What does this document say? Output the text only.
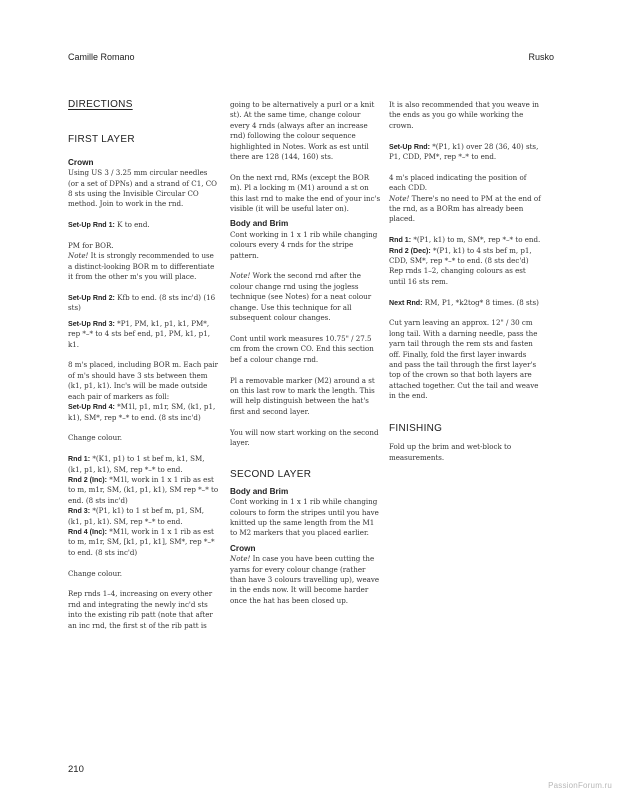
Camille Romano	Rusko

DIRECTIONS

FIRST LAYER

Crown

Using US 3 / 3.25 mm circular needles (or a set of DPNs) and a strand of C1, CO 8 sts using the Invisible Circular CO method. Join to work in the rnd.

Set-Up Rnd 1: K to end.

PM for BOR.

Note! It is strongly recommended to use a distinct-looking BOR m to differentiate it from the other m's you will place.

Set-Up Rnd 2: Kfb to end. (8 sts inc'd) (16 sts)

Set-Up Rnd 3: *P1, PM, k1, p1, k1, PM*, rep *–* to 4 sts bef end, p1, PM, k1, p1, k1.

8 m's placed, including BOR m. Each pair of m's should have 3 sts between them (k1, p1, k1). Inc's will be made outside each pair of markers as foll:

Set-Up Rnd 4: *M1l, p1, m1r, SM, (k1, p1, k1), SM*, rep *–* to end. (8 sts inc'd)

Change colour.

Rnd 1: *(K1, p1) to 1 st bef m, k1, SM, (k1, p1, k1), SM, rep *–* to end.

Rnd 2 (Inc): *M1l, work in 1 x 1 rib as est to m, m1r, SM, (k1, p1, k1), SM rep *–* to end. (8 sts inc'd)

Rnd 3: *(P1, k1) to 1 st bef m, p1, SM, (k1, p1, k1). SM, rep *–* to end.

Rnd 4 (Inc): *M1l, work in 1 x 1 rib as est to m, m1r, SM, [k1, p1, k1], SM*, rep *–* to end. (8 sts inc'd)

Change colour.

Rep rnds 1–4, increasing on every other rnd and integrating the newly inc'd sts into the existing rib patt (note that after an inc rnd, the first st of the rib patt is

going to be alternatively a purl or a knit st). At the same time, change colour every 4 rnds (always after an increase rnd) following the colour sequence highlighted in Notes. Work as est until there are 128 (144, 160) sts.

On the next rnd, RMs (except the BOR m). Pl a locking m (M1) around a st on this last rnd to make the end of your inc's visible (it will be useful later on).

Body and Brim

Cont working in 1 x 1 rib while changing colours every 4 rnds for the stripe pattern.

Note! Work the second rnd after the colour change rnd using the jogless technique (see Notes) for a neat colour change. Use this technique for all subsequent colour changes.

Cont until work measures 10.75" / 27.5 cm from the crown CO. End this section bef a colour change rnd.

Pl a removable marker (M2) around a st on this last row to mark the length. This will help distinguish between the hat's first and second layer.

You will now start working on the second layer.

SECOND LAYER

Body and Brim

Cont working in 1 x 1 rib while changing colours to form the stripes until you have knitted up the same length from the M1 to M2 markers that you placed earlier.

Crown

Note! In case you have been cutting the yarns for every colour change (rather than have 3 colours travelling up), weave in the ends now. It will become harder once the hat has been closed up.

It is also recommended that you weave in the ends as you go while working the crown.

Set-Up Rnd: *(P1, k1) over 28 (36, 40) sts, P1, CDD, PM*, rep *–* to end.

4 m's placed indicating the position of each CDD.

Note! There's no need to PM at the end of the rnd, as a BORm has already been placed.

Rnd 1: *(P1, k1) to m, SM*, rep *–* to end.

Rnd 2 (Dec): *(P1, k1) to 4 sts bef m, p1, CDD, SM*, rep *–* to end. (8 sts dec'd)

Rep rnds 1–2, changing colours as est until 16 sts rem.

Next Rnd: RM, P1, *k2tog* 8 times. (8 sts)

Cut yarn leaving an approx. 12" / 30 cm long tail. With a darning needle, pass the yarn tail through the rem sts and fasten off. Finally, fold the first layer inwards and pass the tail through the first layer's top of the crown so that both layers are attached together. Cut the tail and weave in the end.

FINISHING

Fold up the brim and wet-block to measurements.

210
PassionForum.ru
